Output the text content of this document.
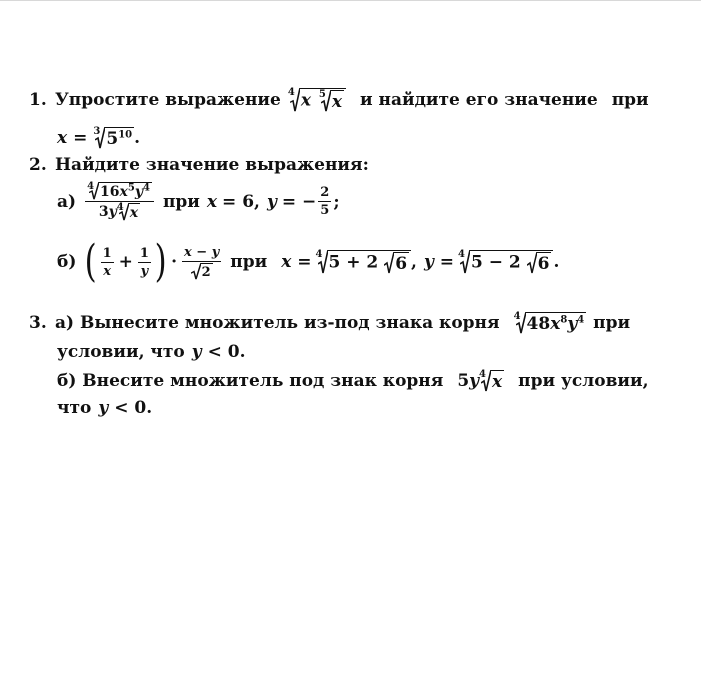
1. Упростите выражение 4 x 5 x и найдите его значение при
x = 3 $5^{10}$ .
2. Найдите значение выражения:
$а) \frac{4 16x^5y^4}{3 y 4 x}$ при x = 6, y = − $\frac{2}{5}$ ;
б) ( $\frac{1}{x} + \frac{1}{y}$ ) · $\frac{x - y}{2}$ при x = 4 5 + 2 6 , y = 4 5 − 2 6 .
3. а) Вынесите множитель из-под знака корня 4 $48x^8y^4$ при
условии, что y < 0.
б) Внесите множитель под знак корня 5y 4 x при условии,
что y < 0.
